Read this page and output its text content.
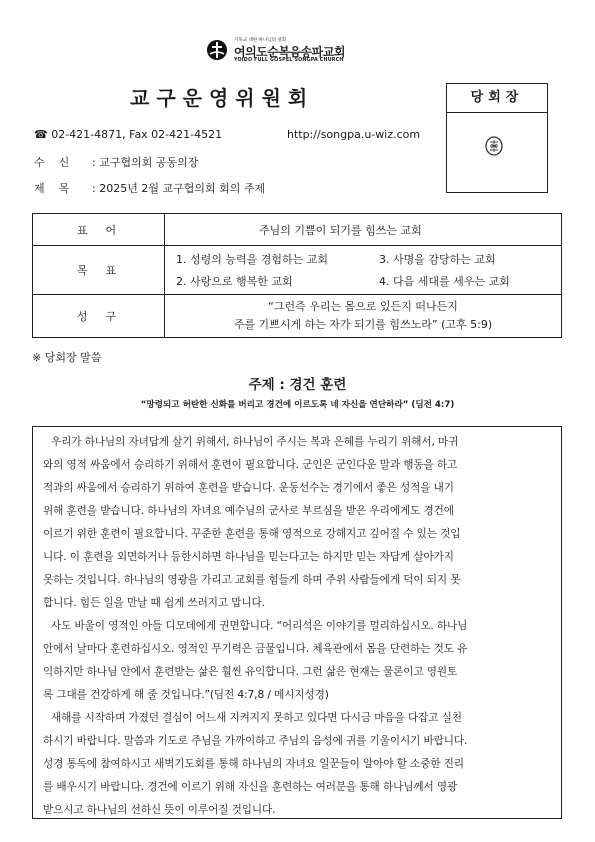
기독교 대한 하나님의 성회
여의도순복음송파교회
YOIDO FULL GOSPEL SONGPA CHURCH
교구운영위원회	당회장
☎ 02-421-4871, Fax 02-421-4521	http://songpa.u-wiz.com
수    신 : 교구협의회 공동의장
제    목 : 2025년 2월 교구협의회 회의 주제
표어	주님의 기쁨이 되기를 힘쓰는 교회
목표	1. 성령의 능력을 경험하는 교회 3. 사명을 감당하는 교회
2. 사랑으로 행복한 교회 4. 다음 세대를 세우는 교회

성구	“그런즉 우리는 몸으로 있든지 떠나든지
주를 기쁘시게 하는 자가 되기를 힘쓰노라” (고후 5:9)
※ 당회장 말씀
주제 : 경건 훈련
“망령되고 허탄한 신화를 버리고 경건에 이르도록 네 자신을 연단하라” (딤전 4:7)
우리가 하나님의 자녀답게 살기 위해서, 하나님이 주시는 복과 은혜를 누리기 위해서, 마귀
와의 영적 싸움에서 승리하기 위해서 훈련이 필요합니다. 군인은 군인다운 말과 행동을 하고
적과의 싸움에서 승리하기 위하여 훈련을 받습니다. 운동선수는 경기에서 좋은 성적을 내기
위해 훈련을 받습니다. 하나님의 자녀요 예수님의 군사로 부르심을 받은 우리에게도 경건에
이르기 위한 훈련이 필요합니다. 꾸준한 훈련을 통해 영적으로 강해지고 깊어질 수 있는 것입
니다. 이 훈련을 외면하거나 등한시하면 하나님을 믿는다고는 하지만 믿는 자답게 살아가지
못하는 것입니다. 하나님의 영광을 가리고 교회를 힘들게 하며 주위 사람들에게 덕이 되지 못
합니다. 힘든 일을 만날 때 쉽게 쓰러지고 맙니다.
사도 바울이 영적인 아들 디모데에게 권면합니다. “어리석은 이야기를 멀리하십시오. 하나님
안에서 날마다 훈련하십시오. 영적인 무기력은 금물입니다. 체육관에서 몸을 단련하는 것도 유
익하지만 하나님 안에서 훈련받는 삶은 훨씬 유익합니다. 그런 삶은 현재는 물론이고 영원토
록 그대를 건강하게 해 줄 것입니다.”(딤전 4:7,8 / 메시지성경)
새해를 시작하며 가졌던 결심이 어느새 지켜지지 못하고 있다면 다시금 마음을 다잡고 실천
하시기 바랍니다. 말씀과 기도로 주님을 가까이하고 주님의 음성에 귀를 기울이시기 바랍니다.
성경 통독에 참여하시고 새벽기도회를 통해 하나님의 자녀요 일꾼들이 알아야 할 소중한 진리
를 배우시기 바랍니다. 경건에 이르기 위해 자신을 훈련하는 여러분을 통해 하나님께서 영광
받으시고 하나님의 선하신 뜻이 이루어질 것입니다.
